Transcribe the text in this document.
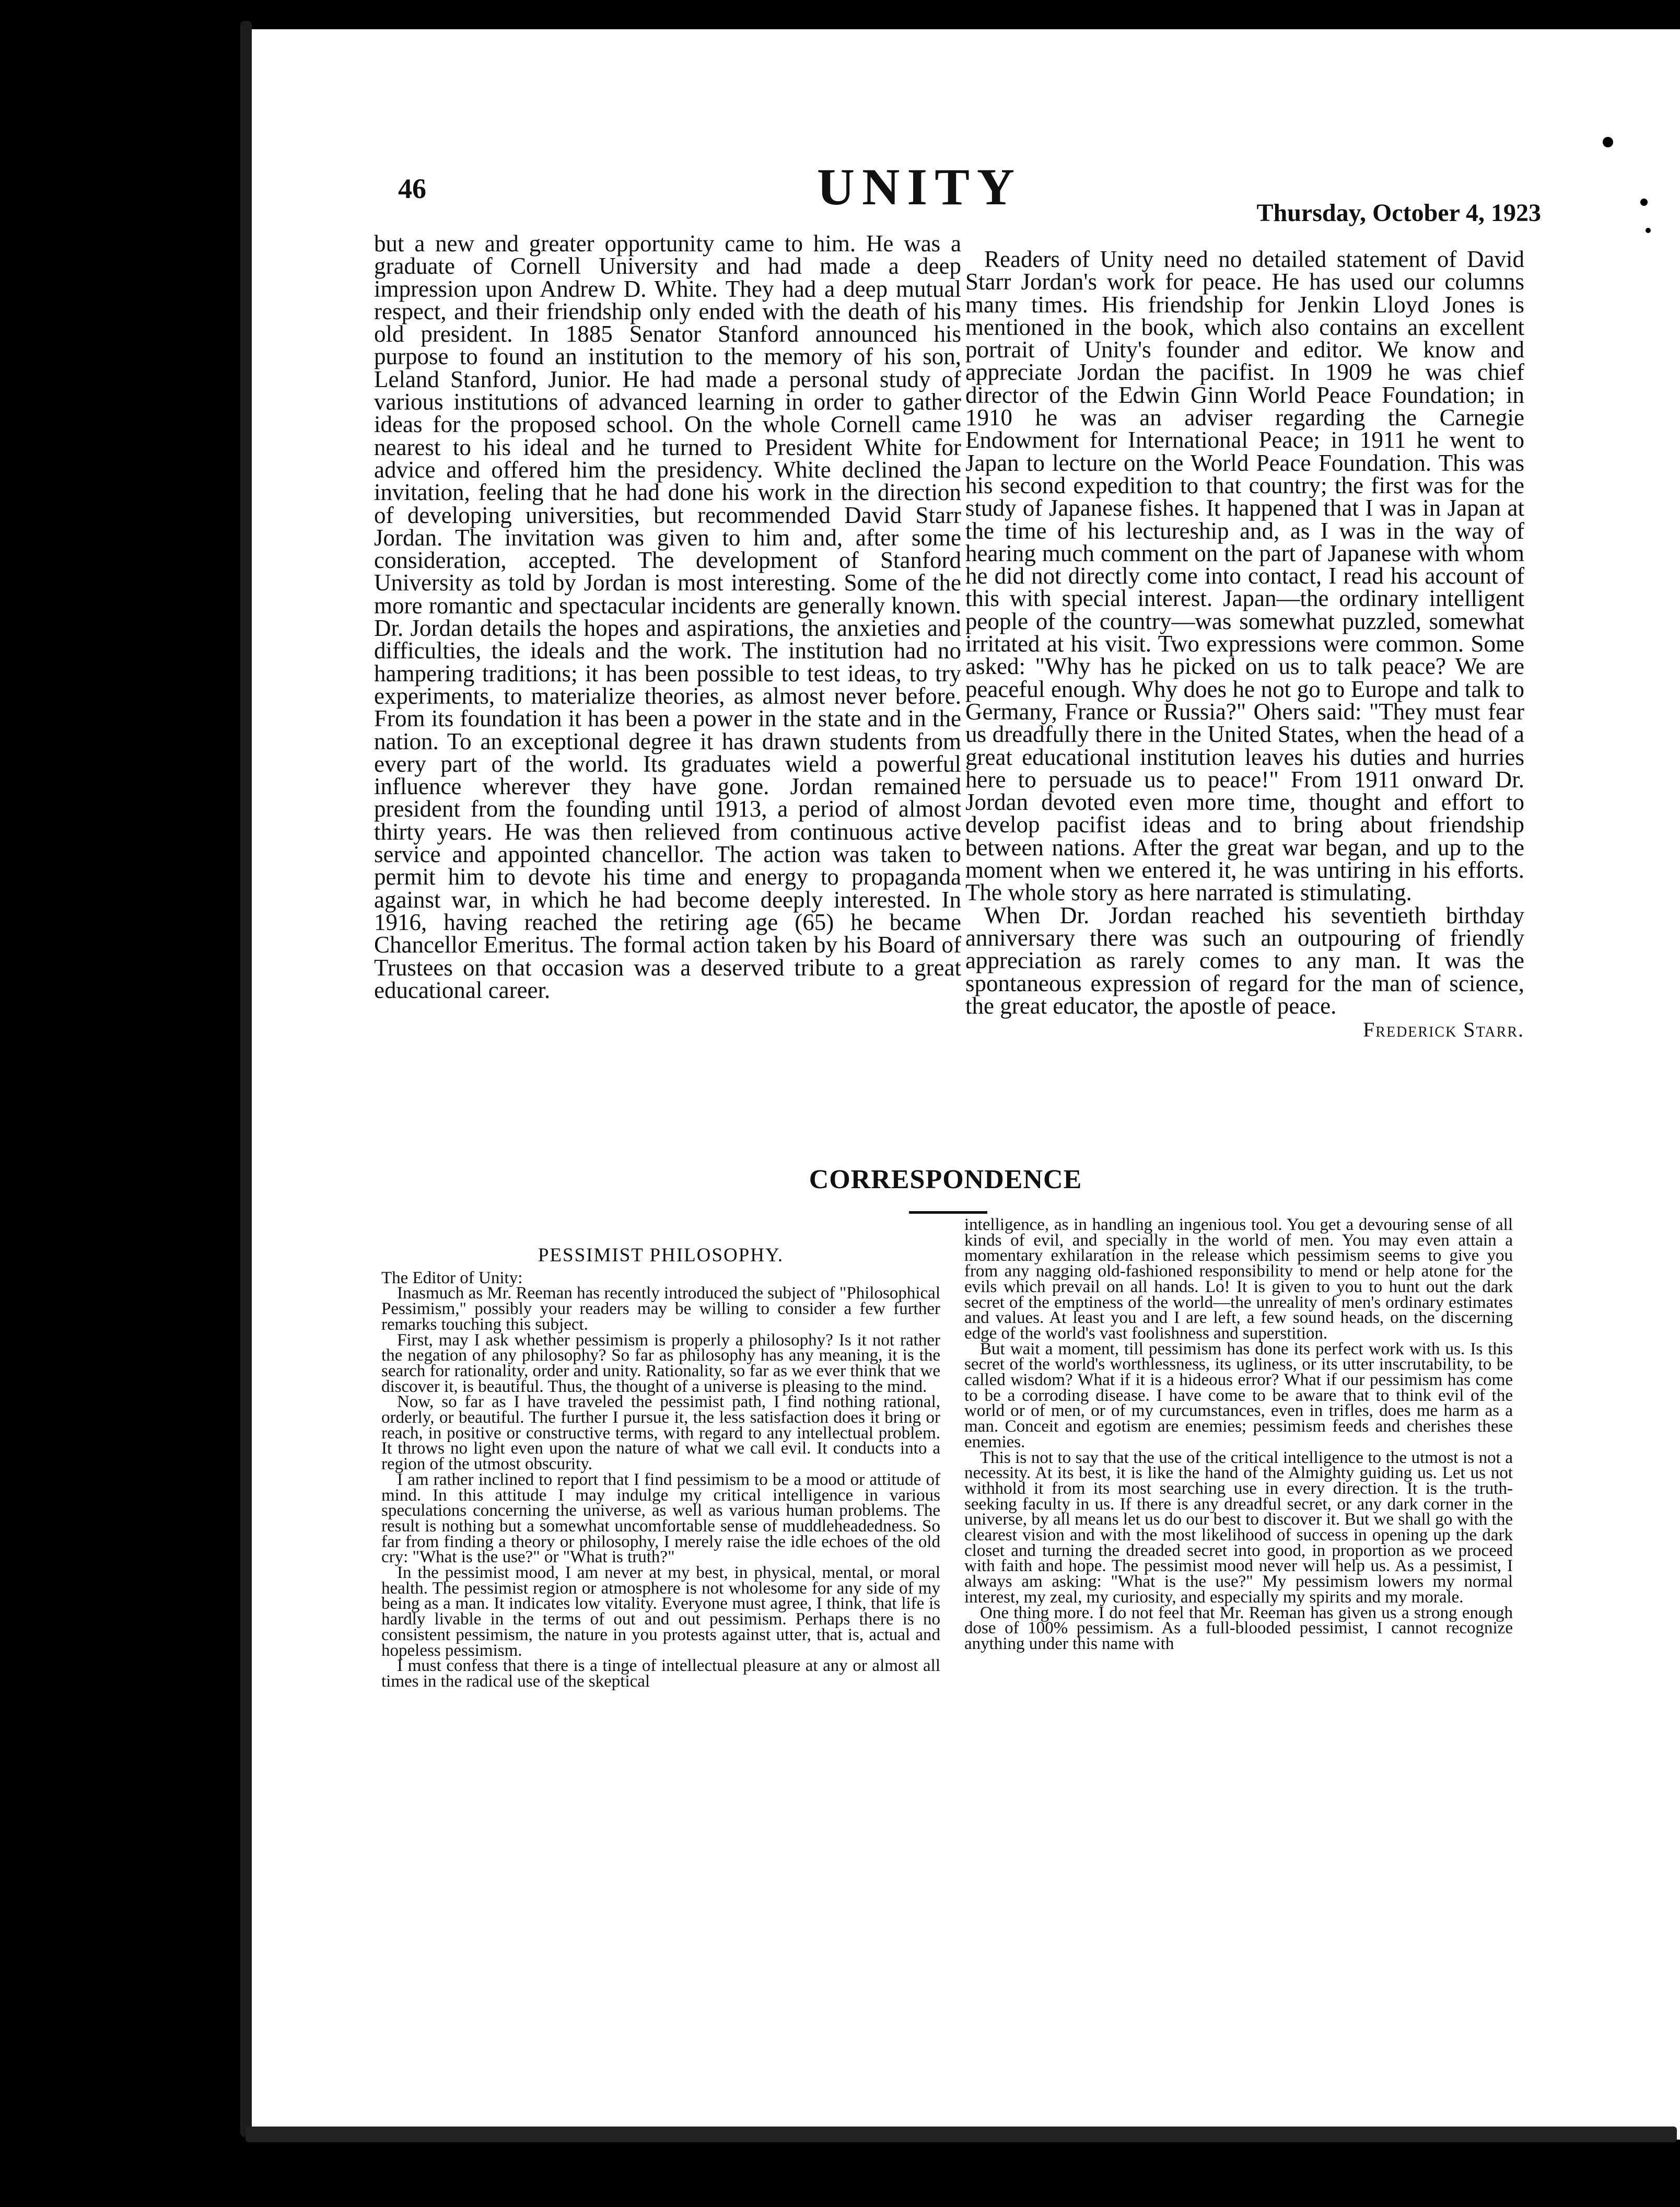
46	UNITY	Thursday, October 4, 1923

but a new and greater opportunity came to him. He was a graduate of Cornell University and had made a deep impression upon Andrew D. White. They had a deep mutual respect, and their friendship only ended with the death of his old president. In 1885 Senator Stanford announced his purpose to found an institution to the memory of his son, Leland Stanford, Junior. He had made a personal study of various institutions of advanced learning in order to gather ideas for the proposed school. On the whole Cornell came nearest to his ideal and he turned to President White for advice and offered him the presidency. White declined the invitation, feeling that he had done his work in the direction of developing universities, but recommended David Starr Jordan. The invitation was given to him and, after some consideration, accepted. The development of Stanford University as told by Jordan is most interesting. Some of the more romantic and spectacular incidents are generally known. Dr. Jordan details the hopes and aspirations, the anxieties and difficulties, the ideals and the work. The institution had no hampering traditions; it has been possible to test ideas, to try experiments, to materialize theories, as almost never before. From its foundation it has been a power in the state and in the nation. To an exceptional degree it has drawn students from every part of the world. Its graduates wield a powerful influence wherever they have gone. Jordan remained president from the founding until 1913, a period of almost thirty years. He was then relieved from continuous active service and appointed chancellor. The action was taken to permit him to devote his time and energy to propaganda against war, in which he had become deeply interested. In 1916, having reached the retiring age (65) he became Chancellor Emeritus. The formal action taken by his Board of Trustees on that occasion was a deserved tribute to a great educational career.

Readers of Unity need no detailed statement of David Starr Jordan's work for peace. He has used our columns many times. His friendship for Jenkin Lloyd Jones is mentioned in the book, which also contains an excellent portrait of Unity's founder and editor. We know and appreciate Jordan the pacifist. In 1909 he was chief director of the Edwin Ginn World Peace Foundation; in 1910 he was an adviser regarding the Carnegie Endowment for International Peace; in 1911 he went to Japan to lecture on the World Peace Foundation. This was his second expedition to that country; the first was for the study of Japanese fishes. It happened that I was in Japan at the time of his lectureship and, as I was in the way of hearing much comment on the part of Japanese with whom he did not directly come into contact, I read his account of this with special interest. Japan—the ordinary intelligent people of the country—was somewhat puzzled, somewhat irritated at his visit. Two expressions were common. Some asked: "Why has he picked on us to talk peace? We are peaceful enough. Why does he not go to Europe and talk to Germany, France or Russia?" Ohers said: "They must fear us dreadfully there in the United States, when the head of a great educational institution leaves his duties and hurries here to persuade us to peace!" From 1911 onward Dr. Jordan devoted even more time, thought and effort to develop pacifist ideas and to bring about friendship between nations. After the great war began, and up to the moment when we entered it, he was untiring in his efforts. The whole story as here narrated is stimulating.

When Dr. Jordan reached his seventieth birthday anniversary there was such an outpouring of friendly appreciation as rarely comes to any man. It was the spontaneous expression of regard for the man of science, the great educator, the apostle of peace.

Frederick Starr.
CORRESPONDENCE
PESSIMIST PHILOSOPHY.

The Editor of Unity:

Inasmuch as Mr. Reeman has recently introduced the subject of "Philosophical Pessimism," possibly your readers may be willing to consider a few further remarks touching this subject.

First, may I ask whether pessimism is properly a philosophy? Is it not rather the negation of any philosophy? So far as philosophy has any meaning, it is the search for rationality, order and unity. Rationality, so far as we ever think that we discover it, is beautiful. Thus, the thought of a universe is pleasing to the mind.

Now, so far as I have traveled the pessimist path, I find nothing rational, orderly, or beautiful. The further I pursue it, the less satisfaction does it bring or reach, in positive or constructive terms, with regard to any intellectual problem. It throws no light even upon the nature of what we call evil. It conducts into a region of the utmost obscurity.

I am rather inclined to report that I find pessimism to be a mood or attitude of mind. In this attitude I may indulge my critical intelligence in various speculations concerning the universe, as well as various human problems. The result is nothing but a somewhat uncomfortable sense of muddleheadedness. So far from finding a theory or philosophy, I merely raise the idle echoes of the old cry: "What is the use?" or "What is truth?"

In the pessimist mood, I am never at my best, in physical, mental, or moral health. The pessimist region or atmosphere is not wholesome for any side of my being as a man. It indicates low vitality. Everyone must agree, I think, that life is hardly livable in the terms of out and out pessimism. Perhaps there is no consistent pessimism, the nature in you protests against utter, that is, actual and hopeless pessimism.

I must confess that there is a tinge of intellectual pleasure at any or almost all times in the radical use of the skeptical

intelligence, as in handling an ingenious tool. You get a devouring sense of all kinds of evil, and specially in the world of men. You may even attain a momentary exhilaration in the release which pessimism seems to give you from any nagging old-fashioned responsibility to mend or help atone for the evils which prevail on all hands. Lo! It is given to you to hunt out the dark secret of the emptiness of the world—the unreality of men's ordinary estimates and values. At least you and I are left, a few sound heads, on the discerning edge of the world's vast foolishness and superstition.

But wait a moment, till pessimism has done its perfect work with us. Is this secret of the world's worthlessness, its ugliness, or its utter inscrutability, to be called wisdom? What if it is a hideous error? What if our pessimism has come to be a corroding disease. I have come to be aware that to think evil of the world or of men, or of my curcumstances, even in trifles, does me harm as a man. Conceit and egotism are enemies; pessimism feeds and cherishes these enemies.

This is not to say that the use of the critical intelligence to the utmost is not a necessity. At its best, it is like the hand of the Almighty guiding us. Let us not withhold it from its most searching use in every direction. It is the truth-seeking faculty in us. If there is any dreadful secret, or any dark corner in the universe, by all means let us do our best to discover it. But we shall go with the clearest vision and with the most likelihood of success in opening up the dark closet and turning the dreaded secret into good, in proportion as we proceed with faith and hope. The pessimist mood never will help us. As a pessimist, I always am asking: "What is the use?" My pessimism lowers my normal interest, my zeal, my curiosity, and especially my spirits and my morale.

One thing more. I do not feel that Mr. Reeman has given us a strong enough dose of 100% pessimism. As a full-blooded pessimist, I cannot recognize anything under this name with
